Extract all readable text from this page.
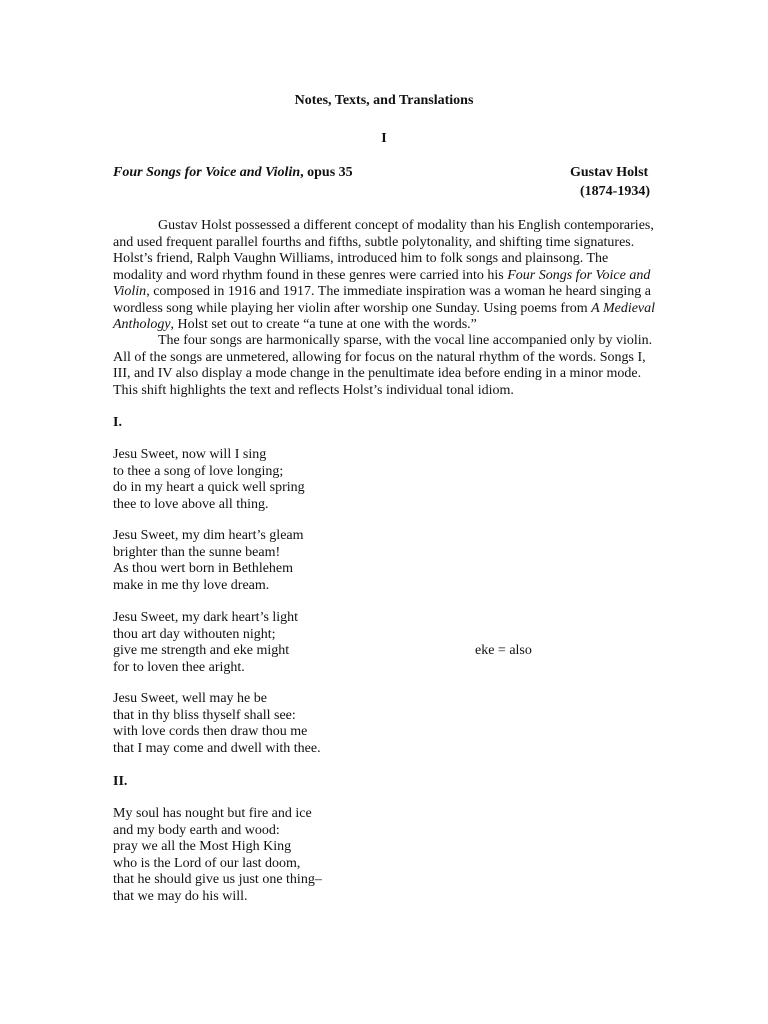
Notes, Texts, and Translations
I
Four Songs for Voice and Violin, opus 35	Gustav Holst
(1874-1934)
Gustav Holst possessed a different concept of modality than his English contemporaries,
and used frequent parallel fourths and fifths, subtle polytonality, and shifting time signatures.
Holst’s friend, Ralph Vaughn Williams, introduced him to folk songs and plainsong. The
modality and word rhythm found in these genres were carried into his Four Songs for Voice and
Violin, composed in 1916 and 1917. The immediate inspiration was a woman he heard singing a
wordless song while playing her violin after worship one Sunday. Using poems from A Medieval
Anthology, Holst set out to create “a tune at one with the words.”
The four songs are harmonically sparse, with the vocal line accompanied only by violin.
All of the songs are unmetered, allowing for focus on the natural rhythm of the words. Songs I,
III, and IV also display a mode change in the penultimate idea before ending in a minor mode.
This shift highlights the text and reflects Holst’s individual tonal idiom.
I.
Jesu Sweet, now will I sing
to thee a song of love longing;
do in my heart a quick well spring
thee to love above all thing.
Jesu Sweet, my dim heart’s gleam
brighter than the sunne beam!
As thou wert born in Bethlehem
make in me thy love dream.
Jesu Sweet, my dark heart’s light
thou art day withouten night;
give me strength and eke might
for to loven thee aright.
eke = also
Jesu Sweet, well may he be
that in thy bliss thyself shall see:
with love cords then draw thou me
that I may come and dwell with thee.
II.
My soul has nought but fire and ice
and my body earth and wood:
pray we all the Most High King
who is the Lord of our last doom,
that he should give us just one thing–
that we may do his will.
